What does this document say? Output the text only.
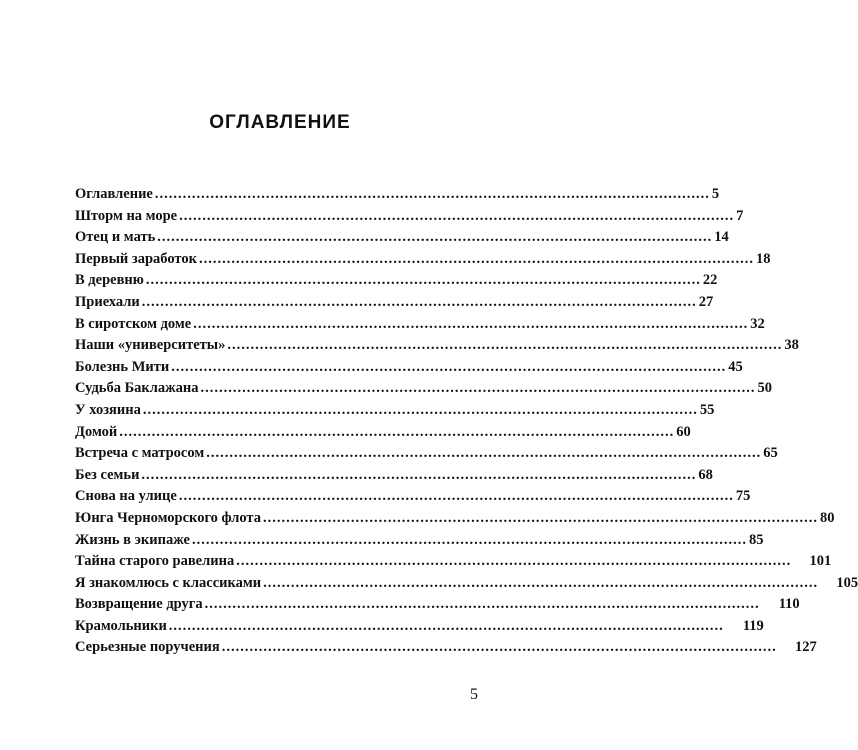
ОГЛАВЛЕНИЕ
Оглавление ........................................................................................................................ 5
Шторм на море ........................................................................................................................ 7
Отец и мать ........................................................................................................................ 14
Первый заработок ........................................................................................................................ 18
В деревню ........................................................................................................................ 22
Приехали ........................................................................................................................ 27
В сиротском доме ........................................................................................................................ 32
Наши «университеты» ........................................................................................................................ 38
Болезнь Мити ........................................................................................................................ 45
Судьба Баклажана ........................................................................................................................ 50
У хозяина ........................................................................................................................ 55
Домой ........................................................................................................................ 60
Встреча с матросом ........................................................................................................................ 65
Без семьи ........................................................................................................................ 68
Снова на улице ........................................................................................................................ 75
Юнга Черноморского флота ........................................................................................................................ 80
Жизнь в экипаже ........................................................................................................................ 85
Тайна старого равелина ........................................................................................................................	101
Я знакомлюсь с классиками ........................................................................................................................	105
Возвращение друга ........................................................................................................................	110
Крамольники ........................................................................................................................	119
Серьезные поручения ........................................................................................................................	127
5
